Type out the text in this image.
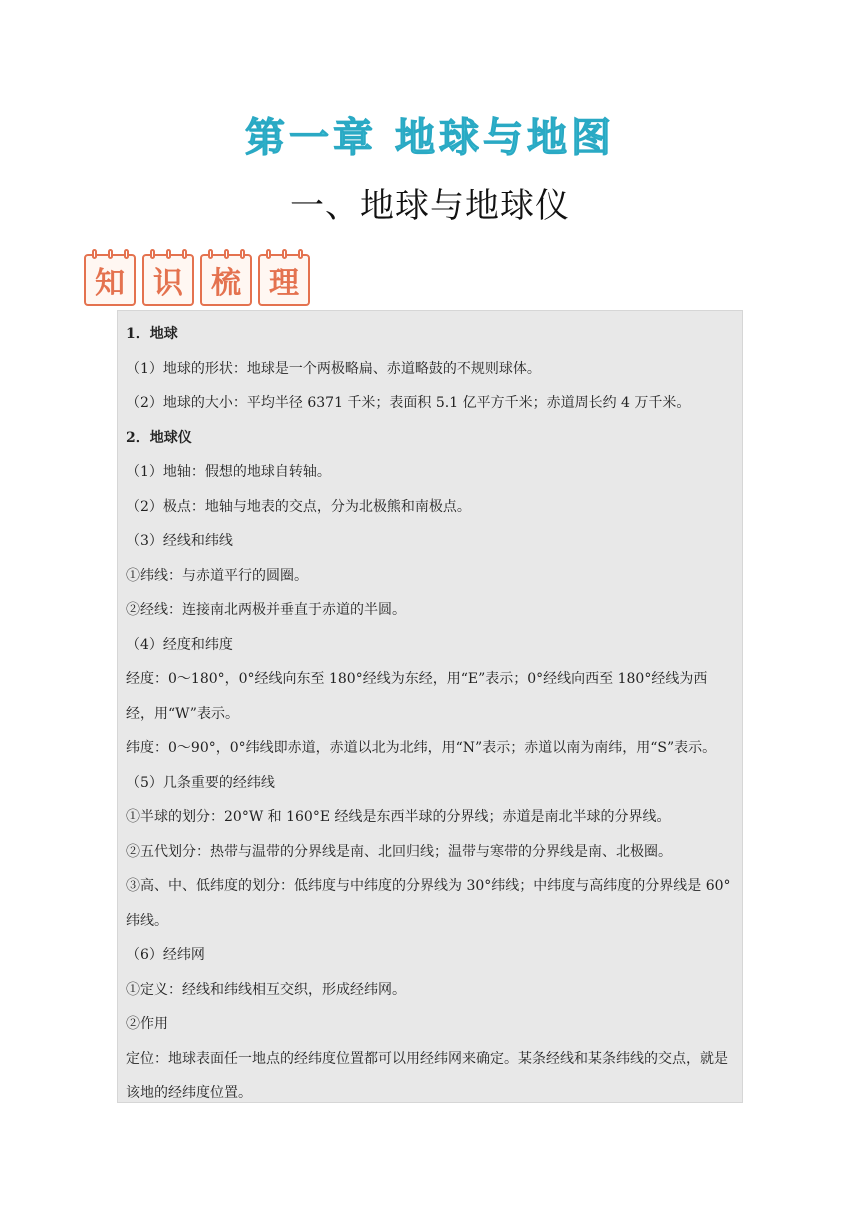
第一章 地球与地图
一、地球与地球仪
知 识 梳 理
1．地球
（1）地球的形状：地球是一个两极略扁、赤道略鼓的不规则球体。
（2）地球的大小：平均半径 6371 千米；表面积 5.1 亿平方千米；赤道周长约 4 万千米。
2．地球仪
（1）地轴：假想的地球自转轴。
（2）极点：地轴与地表的交点，分为北极熊和南极点。
（3）经线和纬线
①纬线：与赤道平行的圆圈。
②经线：连接南北两极并垂直于赤道的半圆。
（4）经度和纬度
经度：0～180°，0°经线向东至 180°经线为东经，用“E”表示；0°经线向西至 180°经线为西经，用“W”表示。
纬度：0～90°，0°纬线即赤道，赤道以北为北纬，用“N”表示；赤道以南为南纬，用“S”表示。
（5）几条重要的经纬线
①半球的划分：20°W 和 160°E 经线是东西半球的分界线；赤道是南北半球的分界线。
②五代划分：热带与温带的分界线是南、北回归线；温带与寒带的分界线是南、北极圈。
③高、中、低纬度的划分：低纬度与中纬度的分界线为 30°纬线；中纬度与高纬度的分界线是 60°纬线。
（6）经纬网
①定义：经线和纬线相互交织，形成经纬网。
②作用
定位：地球表面任一地点的经纬度位置都可以用经纬网来确定。某条经线和某条纬线的交点，就是该地的经纬度位置。
